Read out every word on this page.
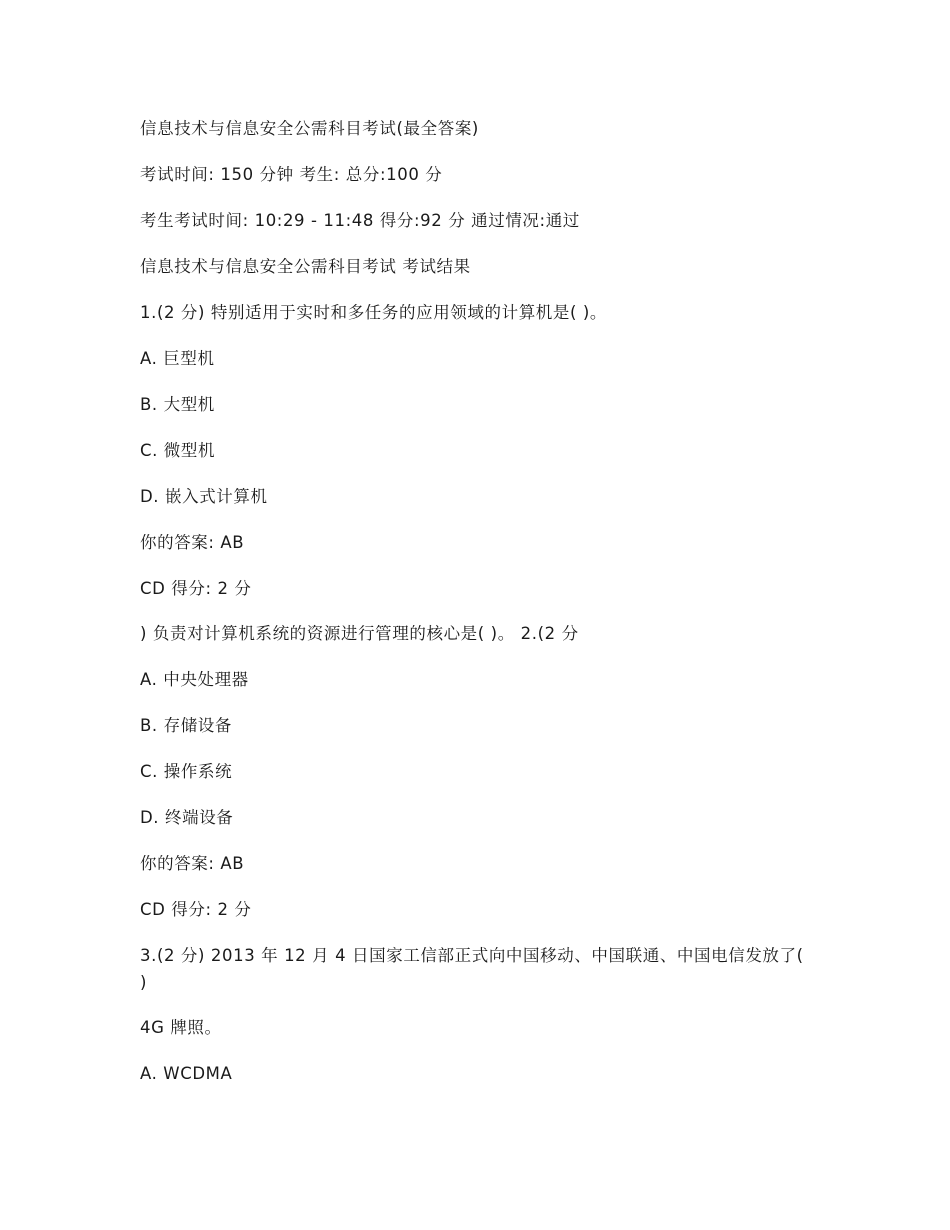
信息技术与信息安全公需科目考试(最全答案)
考试时间: 150 分钟 考生: 总分:100 分
考生考试时间: 10:29 - 11:48 得分:92 分 通过情况:通过
信息技术与信息安全公需科目考试 考试结果
1.(2 分) 特别适用于实时和多任务的应用领域的计算机是( )。
A. 巨型机
B. 大型机
C. 微型机
D. 嵌入式计算机
你的答案: AB
CD 得分: 2 分
) 负责对计算机系统的资源进行管理的核心是( )。 2.(2 分
A. 中央处理器
B. 存储设备
C. 操作系统
D. 终端设备
你的答案: AB
CD 得分: 2 分
3.(2 分) 2013 年 12 月 4 日国家工信部正式向中国移动、中国联通、中国电信发放了( )
4G 牌照。
A. WCDMA
